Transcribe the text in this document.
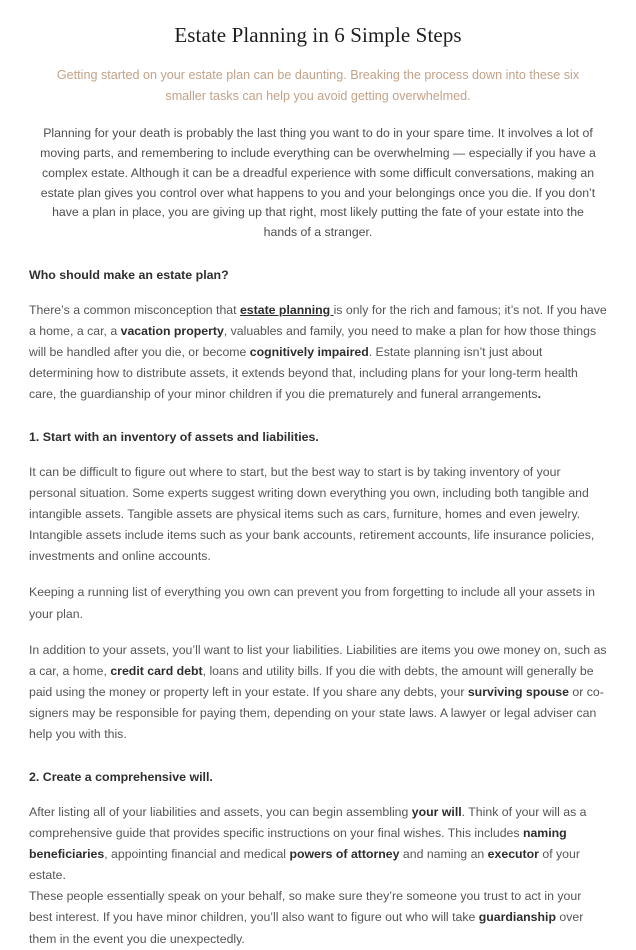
Estate Planning in 6 Simple Steps

Getting started on your estate plan can be daunting. Breaking the process down into these six smaller tasks can help you avoid getting overwhelmed.

Planning for your death is probably the last thing you want to do in your spare time. It involves a lot of moving parts, and remembering to include everything can be overwhelming — especially if you have a complex estate. Although it can be a dreadful experience with some difficult conversations, making an estate plan gives you control over what happens to you and your belongings once you die. If you don’t have a plan in place, you are giving up that right, most likely putting the fate of your estate into the hands of a stranger.

Who should make an estate plan?

There’s a common misconception that estate planning is only for the rich and famous; it’s not. If you have a home, a car, a vacation property, valuables and family, you need to make a plan for how those things will be handled after you die, or become cognitively impaired. Estate planning isn’t just about determining how to distribute assets, it extends beyond that, including plans for your long-term health care, the guardianship of your minor children if you die prematurely and funeral arrangements.

1. Start with an inventory of assets and liabilities.

It can be difficult to figure out where to start, but the best way to start is by taking inventory of your personal situation. Some experts suggest writing down everything you own, including both tangible and intangible assets. Tangible assets are physical items such as cars, furniture, homes and even jewelry. Intangible assets include items such as your bank accounts, retirement accounts, life insurance policies, investments and online accounts.

Keeping a running list of everything you own can prevent you from forgetting to include all your assets in your plan.

In addition to your assets, you’ll want to list your liabilities. Liabilities are items you owe money on, such as a car, a home, credit card debt, loans and utility bills. If you die with debts, the amount will generally be paid using the money or property left in your estate. If you share any debts, your surviving spouse or co-signers may be responsible for paying them, depending on your state laws. A lawyer or legal adviser can help you with this.

2. Create a comprehensive will.

After listing all of your liabilities and assets, you can begin assembling your will. Think of your will as a comprehensive guide that provides specific instructions on your final wishes. This includes naming beneficiaries, appointing financial and medical powers of attorney and naming an executor of your estate.

These people essentially speak on your behalf, so make sure they’re someone you trust to act in your best interest. If you have minor children, you’ll also want to figure out who will take guardianship over them in the event you die unexpectedly.
